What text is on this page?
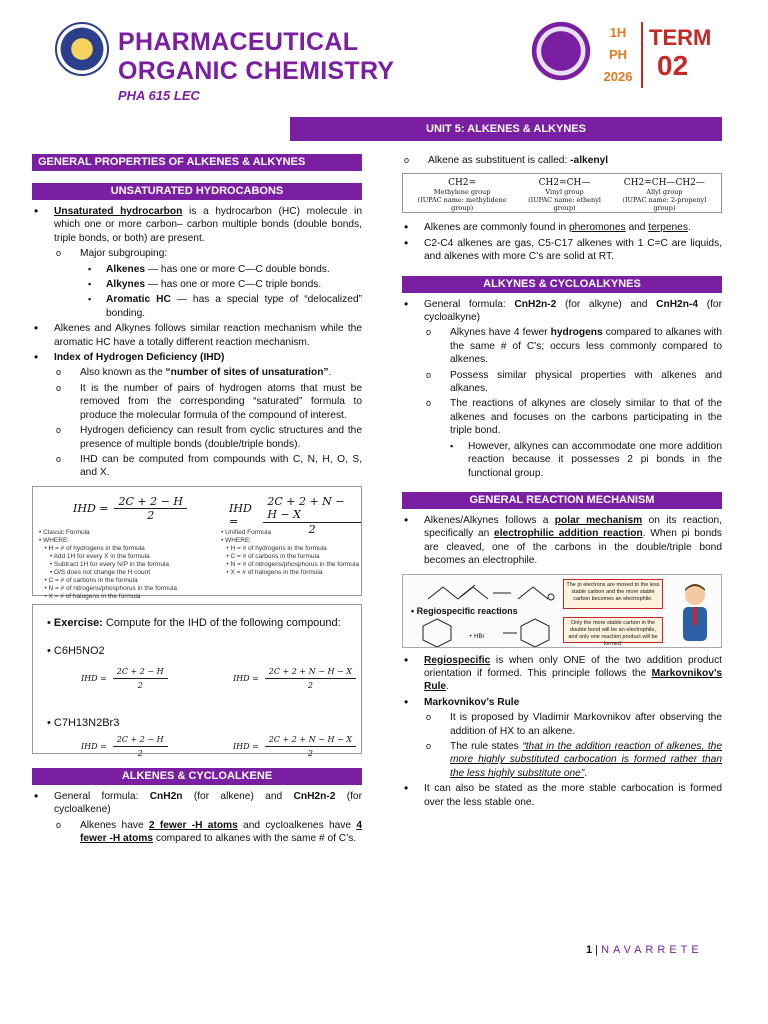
PHARMACEUTICAL
ORGANIC CHEMISTRY
PHA 615 LEC
1H
PH
2026
TERM
02
UNIT 5: ALKENES & ALKYNES
GENERAL PROPERTIES OF ALKENES & ALKYNES
UNSATURATED HYDROCABONS
• Unsaturated hydrocarbon is a hydrocarbon (HC) molecule in which one or more carbon– carbon multiple bonds (double bonds, triple bonds, or both) are present.
o Major subgrouping:
▪ Alkenes — has one or more C—C double bonds.
▪ Alkynes — has one or more C—C triple bonds.
▪ Aromatic HC — has a special type of “delocalized” bonding.
• Alkenes and Alkynes follows similar reaction mechanism while the aromatic HC have a totally different reaction mechanism.
• Index of Hydrogen Deficiency (IHD)
o Also known as the “number of sites of unsaturation”.
o It is the number of pairs of hydrogen atoms that must be removed from the corresponding “saturated” formula to produce the molecular formula of the compound of interest.
o Hydrogen deficiency can result from cyclic structures and the presence of multiple bonds (double/triple bonds).
o IHD can be computed from compounds with C, N, H, O, S, and X.
IHD = $\frac{2C + 2 - H}{2}$	IHD =	$\frac{2C + 2 + N - H - X}{2}$
• Classic Formula
• WHERE:
• H = # of hydrogens in the formula
• Add 1H for every X in the formula
• Subtract 1H for every N/P in the formula
• O/S does not change the H count
• C = # of carbons in the formula
• N = # of nitrogens/phosphorus in the formula
• X = # of halogens in the formula
• Unified Formula
• WHERE:
• H = # of hydrogens in the formula
• C = # of carbons in the formula
• N = # of nitrogens/phosphorus in the formula
• X = # of halogens in the formula
• Exercise: Compute for the IHD of the following compound:
• C6H5NO2
IHD = $\frac{2C + 2 - H}{2}$	IHD = $\frac{2C + 2 + N - H - X}{2}$
• C7H13N2Br3
IHD = $\frac{2C + 2 - H}{2}$	IHD = $\frac{2C + 2 + N - H - X}{2}$
ALKENES & CYCLOALKENE
• General formula: CnH2n (for alkene) and CnH2n-2 (for cycloalkene)
o Alkenes have 2 fewer -H atoms and cycloalkenes have 4 fewer -H atoms compared to alkanes with the same # of C’s.
o Alkene as substituent is called: -alkenyl
CH2=
Methylene group
(IUPAC name: methylidene group)
CH2=CH—
Vinyl group
(IUPAC name: ethenyl group)
CH2=CH—CH2—
Allyl group
(IUPAC name: 2-propenyl group)
• Alkenes are commonly found in pheromones and terpenes.
• C2-C4 alkenes are gas, C5-C17 alkenes with 1 C=C are liquids, and alkenes with more C’s are solid at RT.
ALKYNES & CYCLOALKYNES
• General formula: CnH2n-2 (for alkyne) and CnH2n-4 (for cycloalkyne)
o Alkynes have 4 fewer hydrogens compared to alkanes with the same # of C’s; occurs less commonly compared to alkenes.
o Possess similar physical properties with alkenes and alkanes.
o The reactions of alkynes are closely similar to that of the alkenes and focuses on the carbons participating in the triple bond.
▪ However, alkynes can accommodate one more addition reaction because it possesses 2 pi bonds in the functional group.
GENERAL REACTION MECHANISM
• Alkenes/Alkynes follows a polar mechanism on its reaction, specifically an electrophilic addition reaction. When pi bonds are cleaved, one of the carbons in the double/triple bond becomes an electrophile.
• Regiospecific reactions
+ HBr
The pi electrons are moved to the less stable carbon and the more stable carbon becomes an electrophile.
Only the more stable carbon in the double bond will be an electrophile, and only one reaction product will be formed.
• Regiospecific is when only ONE of the two addition product orientation if formed. This principle follows the Markovnikov’s Rule.
• Markovnikov’s Rule
o It is proposed by Vladimir Markovnikov after observing the addition of HX to an alkene.
o The rule states “that in the addition reaction of alkenes, the more highly substituted carbocation is formed rather than the less highly substitute one”.
• It can also be stated as the more stable carbocation is formed over the less stable one.
1 | NAVARRETE
